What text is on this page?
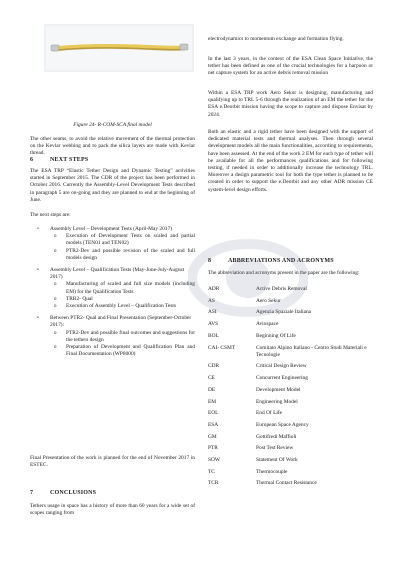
Figure 24- R-COM-SCA final model

The other seams, to avoid the relative movement of the thermal protection on the Kevlar webbing and to pack the silica layers are made with Kevlar thread.

6	NEXT STEPS

The ESA TRP “Elastic Tether Design and Dynamic Testing” activities started in September 2015. The CDR of the project has been performed in October 2016. Currently the Assembly-Level Development Tests described in paragraph 5 are on-going and they are planned to end at the beginning of June.

The next steps are:

• Assembly Level – Development Tests (April-May 2017)
o Execution of Development Tests on scaled and partial models (TEN01 and TEN02)
o PTR2-Dev and possible revision of the scaled and full models design
• Assembly Level – Qualification Tests (May-June-July-August 2017)
o Manufacturing of scaled and full size models (including EM) for the Qualification Tests
o TRR2- Qual
o Execution of Assembly Level – Qualification Tests
• Between PTR2- Qual and Final Presentation (September-October 2017):
o PTR2-Dev and possible final outcomes and suggestions for the tethers design
o Preparation of Development and Qualification Plan and Final Documentation (WP8000)

Final Presentation of the work is planned for the end of November 2017 in ESTEC.

7	CONCLUSIONS

Tethers usage in space has a history of more than 60 years for a wide set of scopes ranging from

electrodynamics to momentum exchange and formation flying.

In the last 3 years, in the context of the ESA Clean Space Initiative, the tether has been defined as one of the crucial technologies for a harpoon or net capture system for an active debris removal mission

Within a ESA TRP work Aero Sekur is designing, manufacturing and qualifying up to TRL 5-6 through the realization of an EM the tether for the ESA e.Deorbit mission having the scope to capture and dispose Envisat by 2024.

Both an elastic and a rigid tether have been designed with the support of dedicated material tests and thermal analyses. Then through several development models all the main functionalities, according to requirements, have been assessed. At the end of the work 2 EM for each type of tether will be available for all the performances qualifications and for following testing, if needed in order to additionally increase the technology TRL. Moreover a design parametric tool for both the type tether is planned to be created in order to support the e.Deorbit and any other ADR mission CE system-level design efforts.

8	ABBREVIATIONS AND ACRONYMS

The abbreviation and acronyms present in the paper are the following:

ADR	Active Debris Removal
AS	Aero Sekur
ASI	Agenzia Spaziale Italiana
AVS	Aviospace
BOL	Beginning Of Life
CAI- CSMT	Comitato Alpino Italiano - Centro Studi Materiali e Tecnologie
CDR	Critical Design Review
CE	Concurrent Engineering
DE	Development Model
EM	Engineering Model
EOL	End Of Life
ESA	European Space Agency
GM	Gottifredi Maffioli
PTR	Post Test Review
SOW	Statement Of Work
TC	Thermocouple
TCR	Thermal Contact Resistance
